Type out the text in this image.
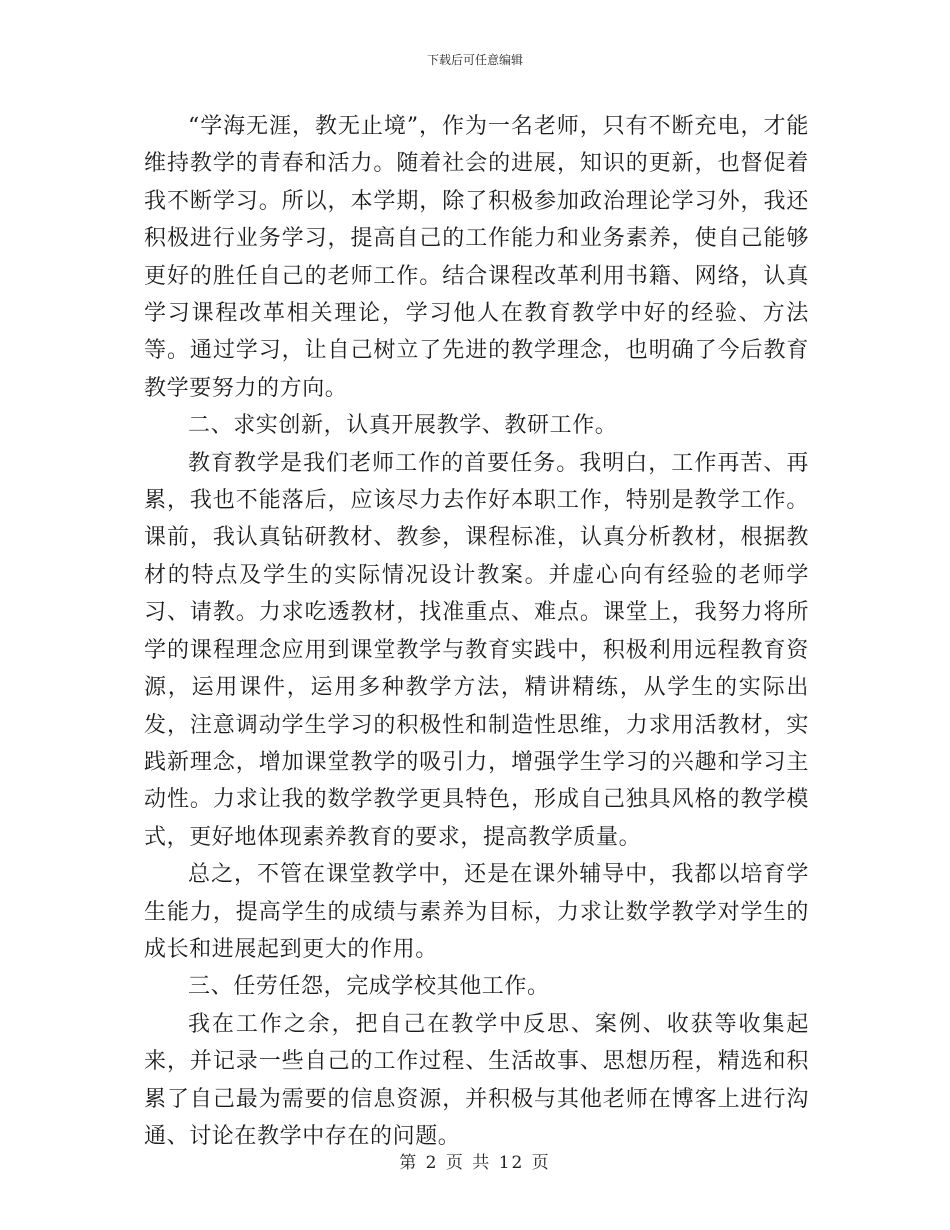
下载后可任意编辑

“学海无涯，教无止境”，作为一名老师，只有不断充电，才能维持教学的青春和活力。随着社会的进展，知识的更新，也督促着我不断学习。所以，本学期，除了积极参加政治理论学习外，我还积极进行业务学习，提高自己的工作能力和业务素养，使自己能够更好的胜任自己的老师工作。结合课程改革利用书籍、网络，认真学习课程改革相关理论，学习他人在教育教学中好的经验、方法等。通过学习，让自己树立了先进的教学理念，也明确了今后教育教学要努力的方向。

二、求实创新，认真开展教学、教研工作。

教育教学是我们老师工作的首要任务。我明白，工作再苦、再累，我也不能落后，应该尽力去作好本职工作，特别是教学工作。课前，我认真钻研教材、教参，课程标准，认真分析教材，根据教材的特点及学生的实际情况设计教案。并虚心向有经验的老师学习、请教。力求吃透教材，找准重点、难点。课堂上，我努力将所学的课程理念应用到课堂教学与教育实践中，积极利用远程教育资 源，运用课件，运用多种教学方法，精讲精练，从学生的实际出发，注意调动学生学习的积极性和制造性思维，力求用活教材，实践新理念，增加课堂教学的吸引力，增强学生学习的兴趣和学习主动性。力求让我的数学教学更具特色，形成自己独具风格的教学模式，更好地体现素养教育的要求，提高教学质量。

总之，不管在课堂教学中，还是在课外辅导中，我都以培育学生能力，提高学生的成绩与素养为目标，力求让数学教学对学生的成长和进展起到更大的作用。

三、任劳任怨，完成学校其他工作。

我在工作之余，把自己在教学中反思、案例、收获等收集起来，并记录一些自己的工作过程、生活故事、思想历程，精选和积累了自己最为需要的信息资源，并积极与其他老师在博客上进行沟通、讨论在教学中存在的问题。

第 2 页 共 12 页
